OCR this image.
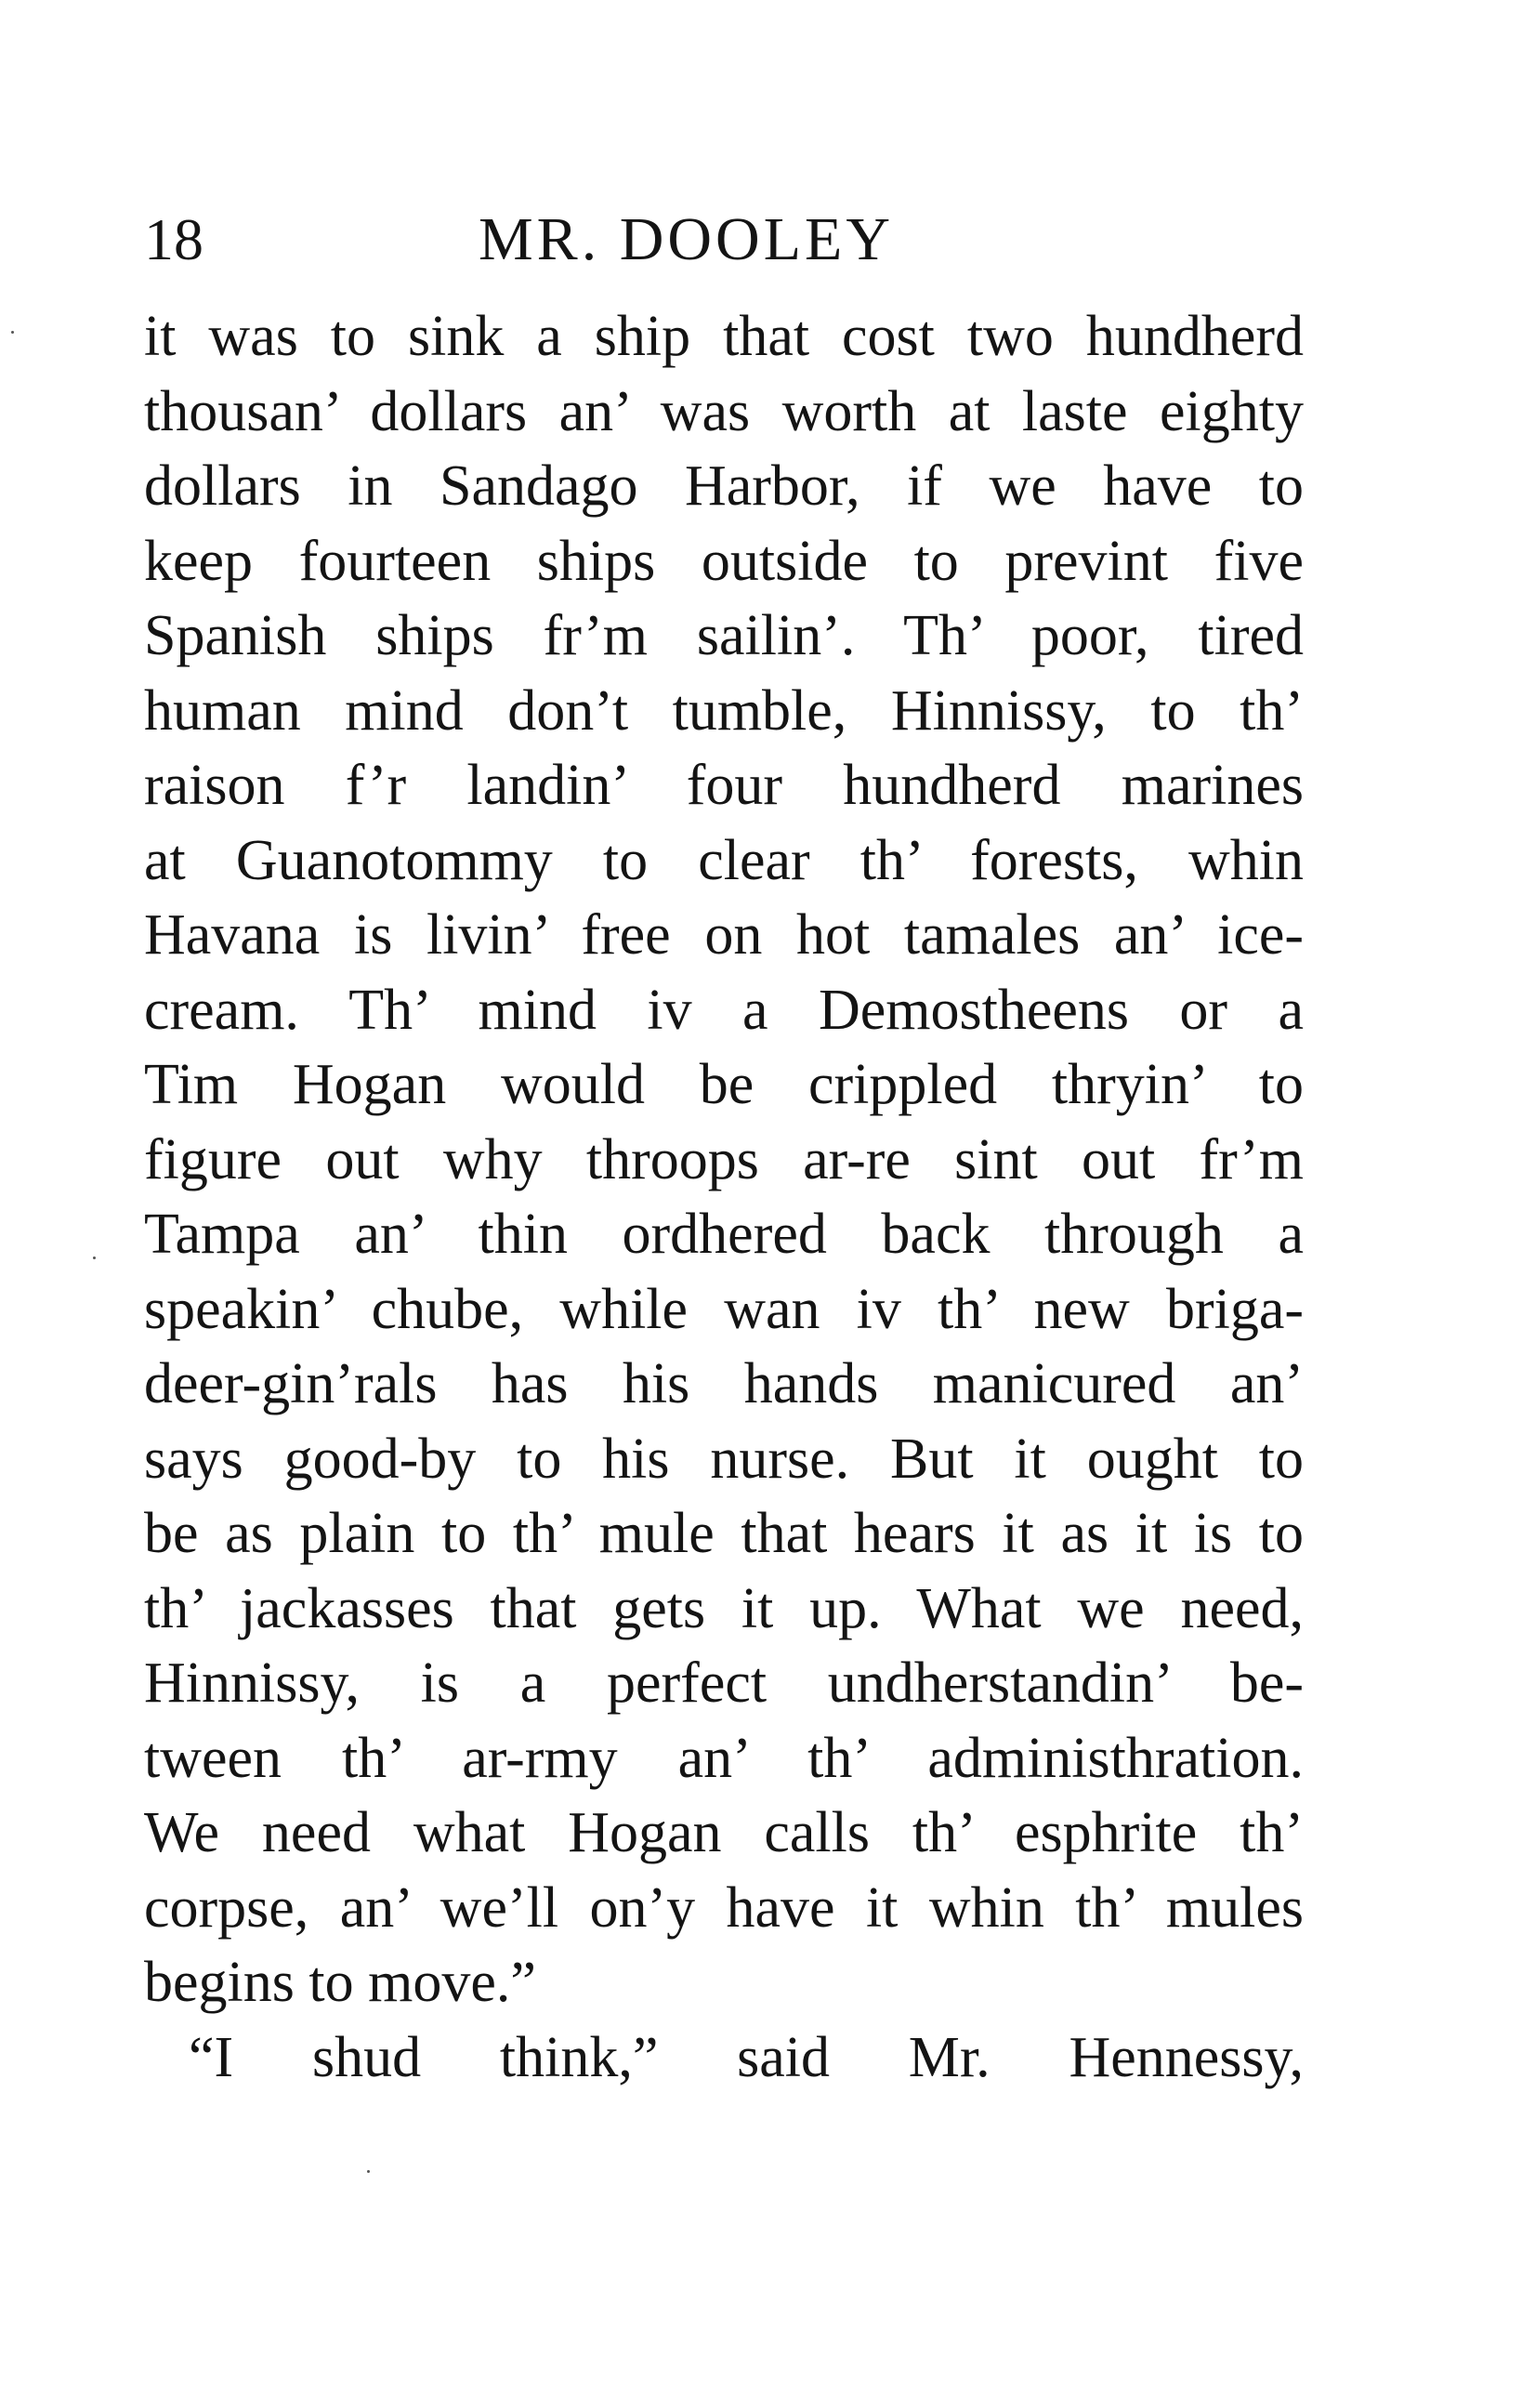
18	MR. DOOLEY
it was to sink a ship that cost two hundherd
thousan’ dollars an’ was worth at laste eighty
dollars in Sandago Harbor, if we have to
keep fourteen ships outside to prevint five
Spanish ships fr’m sailin’. Th’ poor, tired
human mind don’t tumble, Hinnissy, to th’
raison f’r landin’ four hundherd marines
at Guanotommy to clear th’ forests, whin
Havana is livin’ free on hot tamales an’ ice-
cream. Th’ mind iv a Demostheens or a
Tim Hogan would be crippled thryin’ to
figure out why throops ar-re sint out fr’m
Tampa an’ thin ordhered back through a
speakin’ chube, while wan iv th’ new briga-
deer-gin’rals has his hands manicured an’
says good-by to his nurse. But it ought to
be as plain to th’ mule that hears it as it is to
th’ jackasses that gets it up. What we need,
Hinnissy, is a perfect undherstandin’ be-
tween th’ ar-rmy an’ th’ administhration.
We need what Hogan calls th’ esphrite th’
corpse, an’ we’ll on’y have it whin th’ mules
begins to move.”
“I shud think,” said Mr. Hennessy,
